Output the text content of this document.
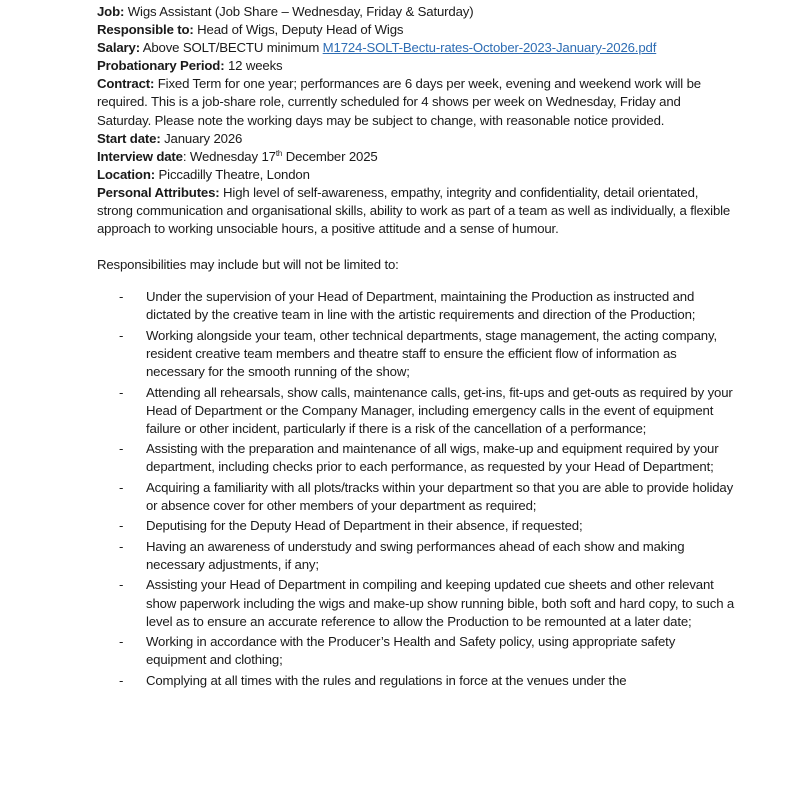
Job: Wigs Assistant (Job Share – Wednesday, Friday & Saturday)

Responsible to: Head of Wigs, Deputy Head of Wigs

Salary: Above SOLT/BECTU minimum M1724-SOLT-Bectu-rates-October-2023-January-2026.pdf

Probationary Period: 12 weeks

Contract: Fixed Term for one year; performances are 6 days per week, evening and weekend work will be required. This is a job-share role, currently scheduled for 4 shows per week on Wednesday, Friday and Saturday. Please note the working days may be subject to change, with reasonable notice provided.

Start date: January 2026

Interview date: Wednesday 17th December 2025

Location: Piccadilly Theatre, London

Personal Attributes: High level of self-awareness, empathy, integrity and confidentiality, detail orientated, strong communication and organisational skills, ability to work as part of a team as well as individually, a flexible approach to working unsociable hours, a positive attitude and a sense of humour.

Responsibilities may include but will not be limited to:

- Under the supervision of your Head of Department, maintaining the Production as instructed and dictated by the creative team in line with the artistic requirements and direction of the Production;
- Working alongside your team, other technical departments, stage management, the acting company, resident creative team members and theatre staff to ensure the efficient flow of information as necessary for the smooth running of the show;
- Attending all rehearsals, show calls, maintenance calls, get-ins, fit-ups and get-outs as required by your Head of Department or the Company Manager, including emergency calls in the event of equipment failure or other incident, particularly if there is a risk of the cancellation of a performance;
- Assisting with the preparation and maintenance of all wigs, make-up and equipment required by your department, including checks prior to each performance, as requested by your Head of Department;
- Acquiring a familiarity with all plots/tracks within your department so that you are able to provide holiday or absence cover for other members of your department as required;
- Deputising for the Deputy Head of Department in their absence, if requested;
- Having an awareness of understudy and swing performances ahead of each show and making necessary adjustments, if any;
- Assisting your Head of Department in compiling and keeping updated cue sheets and other relevant show paperwork including the wigs and make-up show running bible, both soft and hard copy, to such a level as to ensure an accurate reference to allow the Production to be remounted at a later date;
- Working in accordance with the Producer’s Health and Safety policy, using appropriate safety equipment and clothing;
- Complying at all times with the rules and regulations in force at the venues under the
